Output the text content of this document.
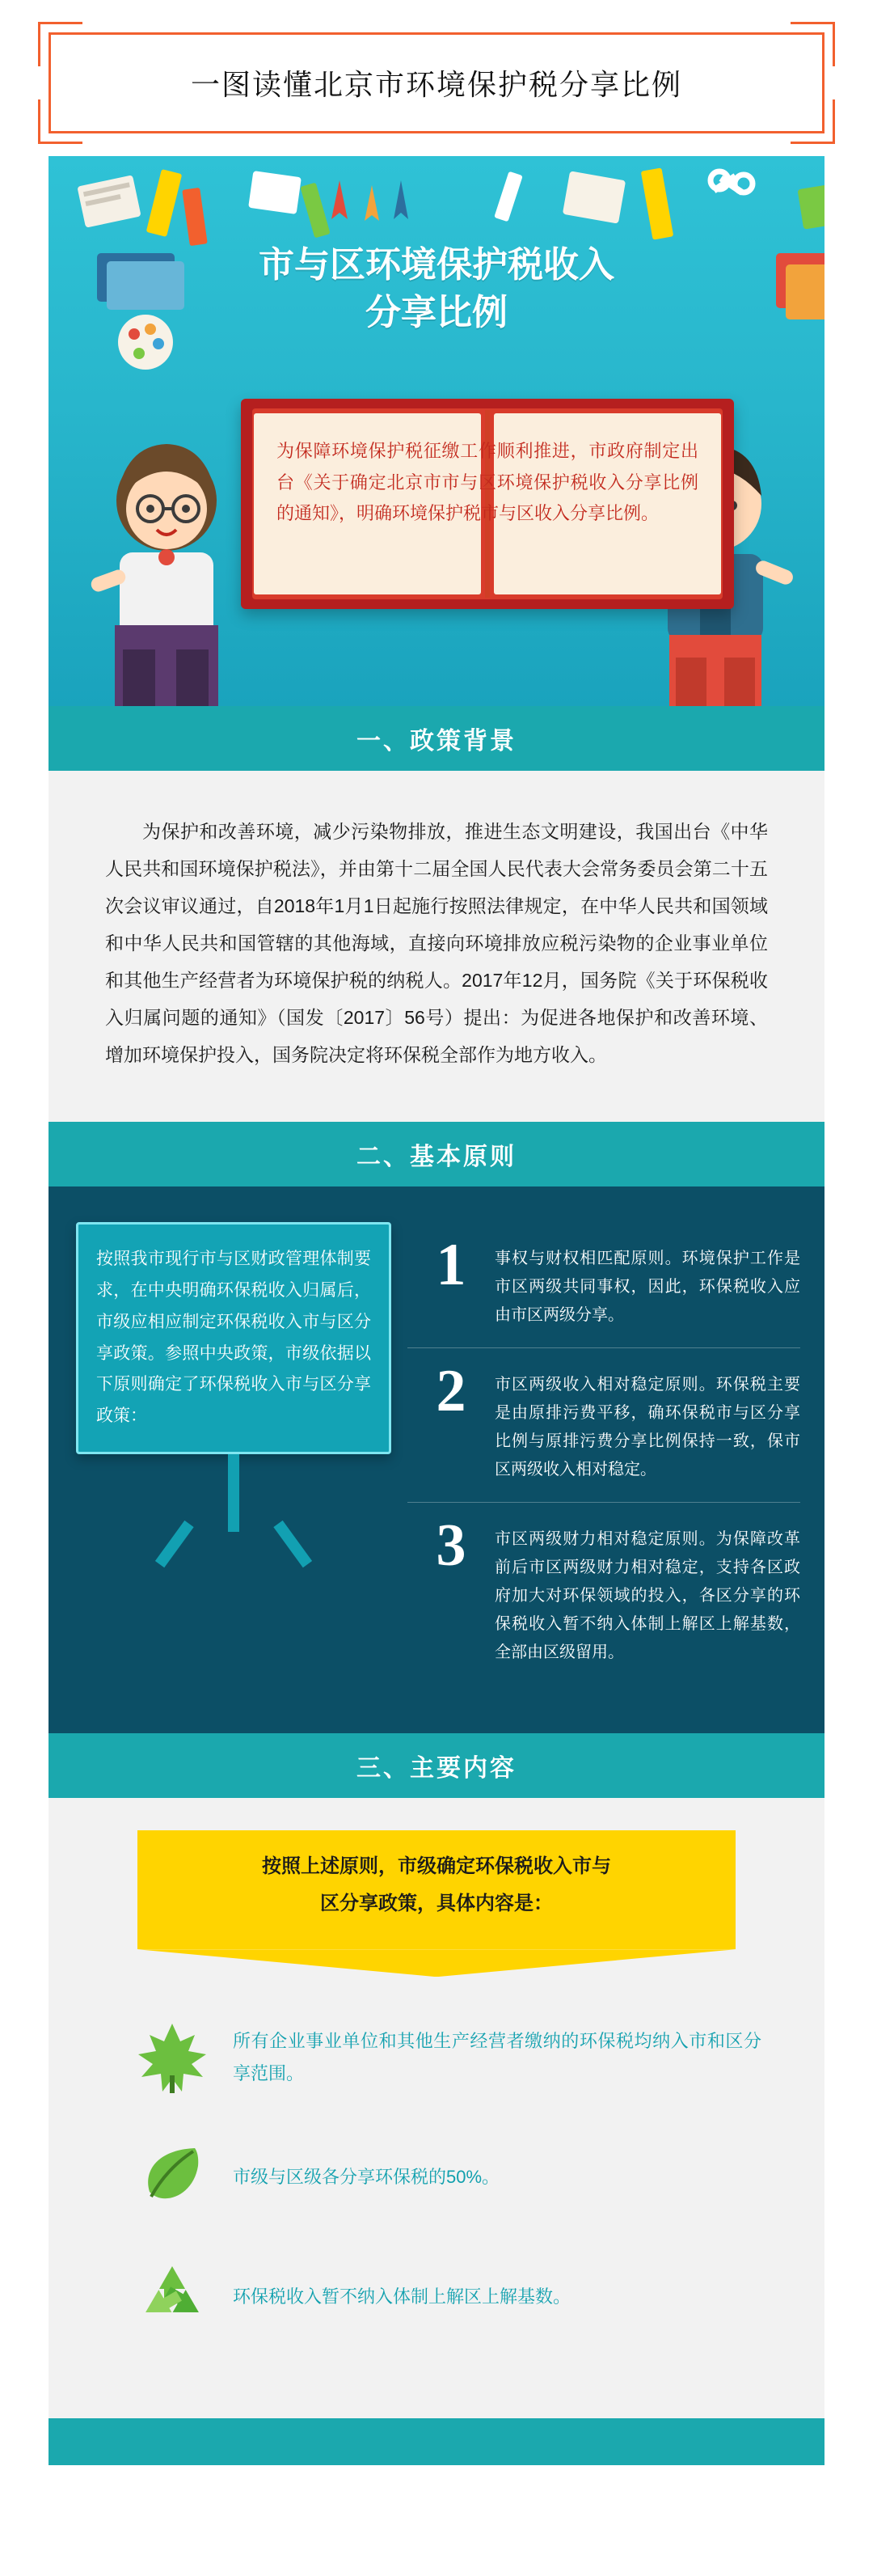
一图读懂北京市环境保护税分享比例
市与区环境保护税收入
分享比例
为保障环境保护税征缴工作顺利推进，市政府制定出台《关于确定北京市市与区环境保护税收入分享比例的通知》，明确环境保护税市与区收入分享比例。
一、政策背景
为保护和改善环境，减少污染物排放，推进生态文明建设，我国出台《中华人民共和国环境保护税法》，并由第十二届全国人民代表大会常务委员会第二十五次会议审议通过，自2018年1月1日起施行按照法律规定，在中华人民共和国领域和中华人民共和国管辖的其他海域，直接向环境排放应税污染物的企业事业单位和其他生产经营者为环境保护税的纳税人。2017年12月，国务院《关于环保税收入归属问题的通知》（国发〔2017〕56号）提出：为促进各地保护和改善环境、增加环境保护投入，国务院决定将环保税全部作为地方收入。
二、基本原则
按照我市现行市与区财政管理体制要求，在中央明确环保税收入归属后，市级应相应制定环保税收入市与区分享政策。参照中央政策，市级依据以下原则确定了环保税收入市与区分享政策：
1	事权与财权相匹配原则。环境保护工作是市区两级共同事权，因此，环保税收入应由市区两级分享。
2	市区两级收入相对稳定原则。环保税主要是由原排污费平移，确环保税市与区分享比例与原排污费分享比例保持一致，保市区两级收入相对稳定。
3	市区两级财力相对稳定原则。为保障改革前后市区两级财力相对稳定，支持各区政府加大对环保领域的投入，各区分享的环保税收入暂不纳入体制上解区上解基数，全部由区级留用。
三、主要内容
按照上述原则，市级确定环保税收入市与
区分享政策，具体内容是：
所有企业事业单位和其他生产经营者缴纳的环保税均纳入市和区分享范围。
市级与区级各分享环保税的50%。
环保税收入暂不纳入体制上解区上解基数。
